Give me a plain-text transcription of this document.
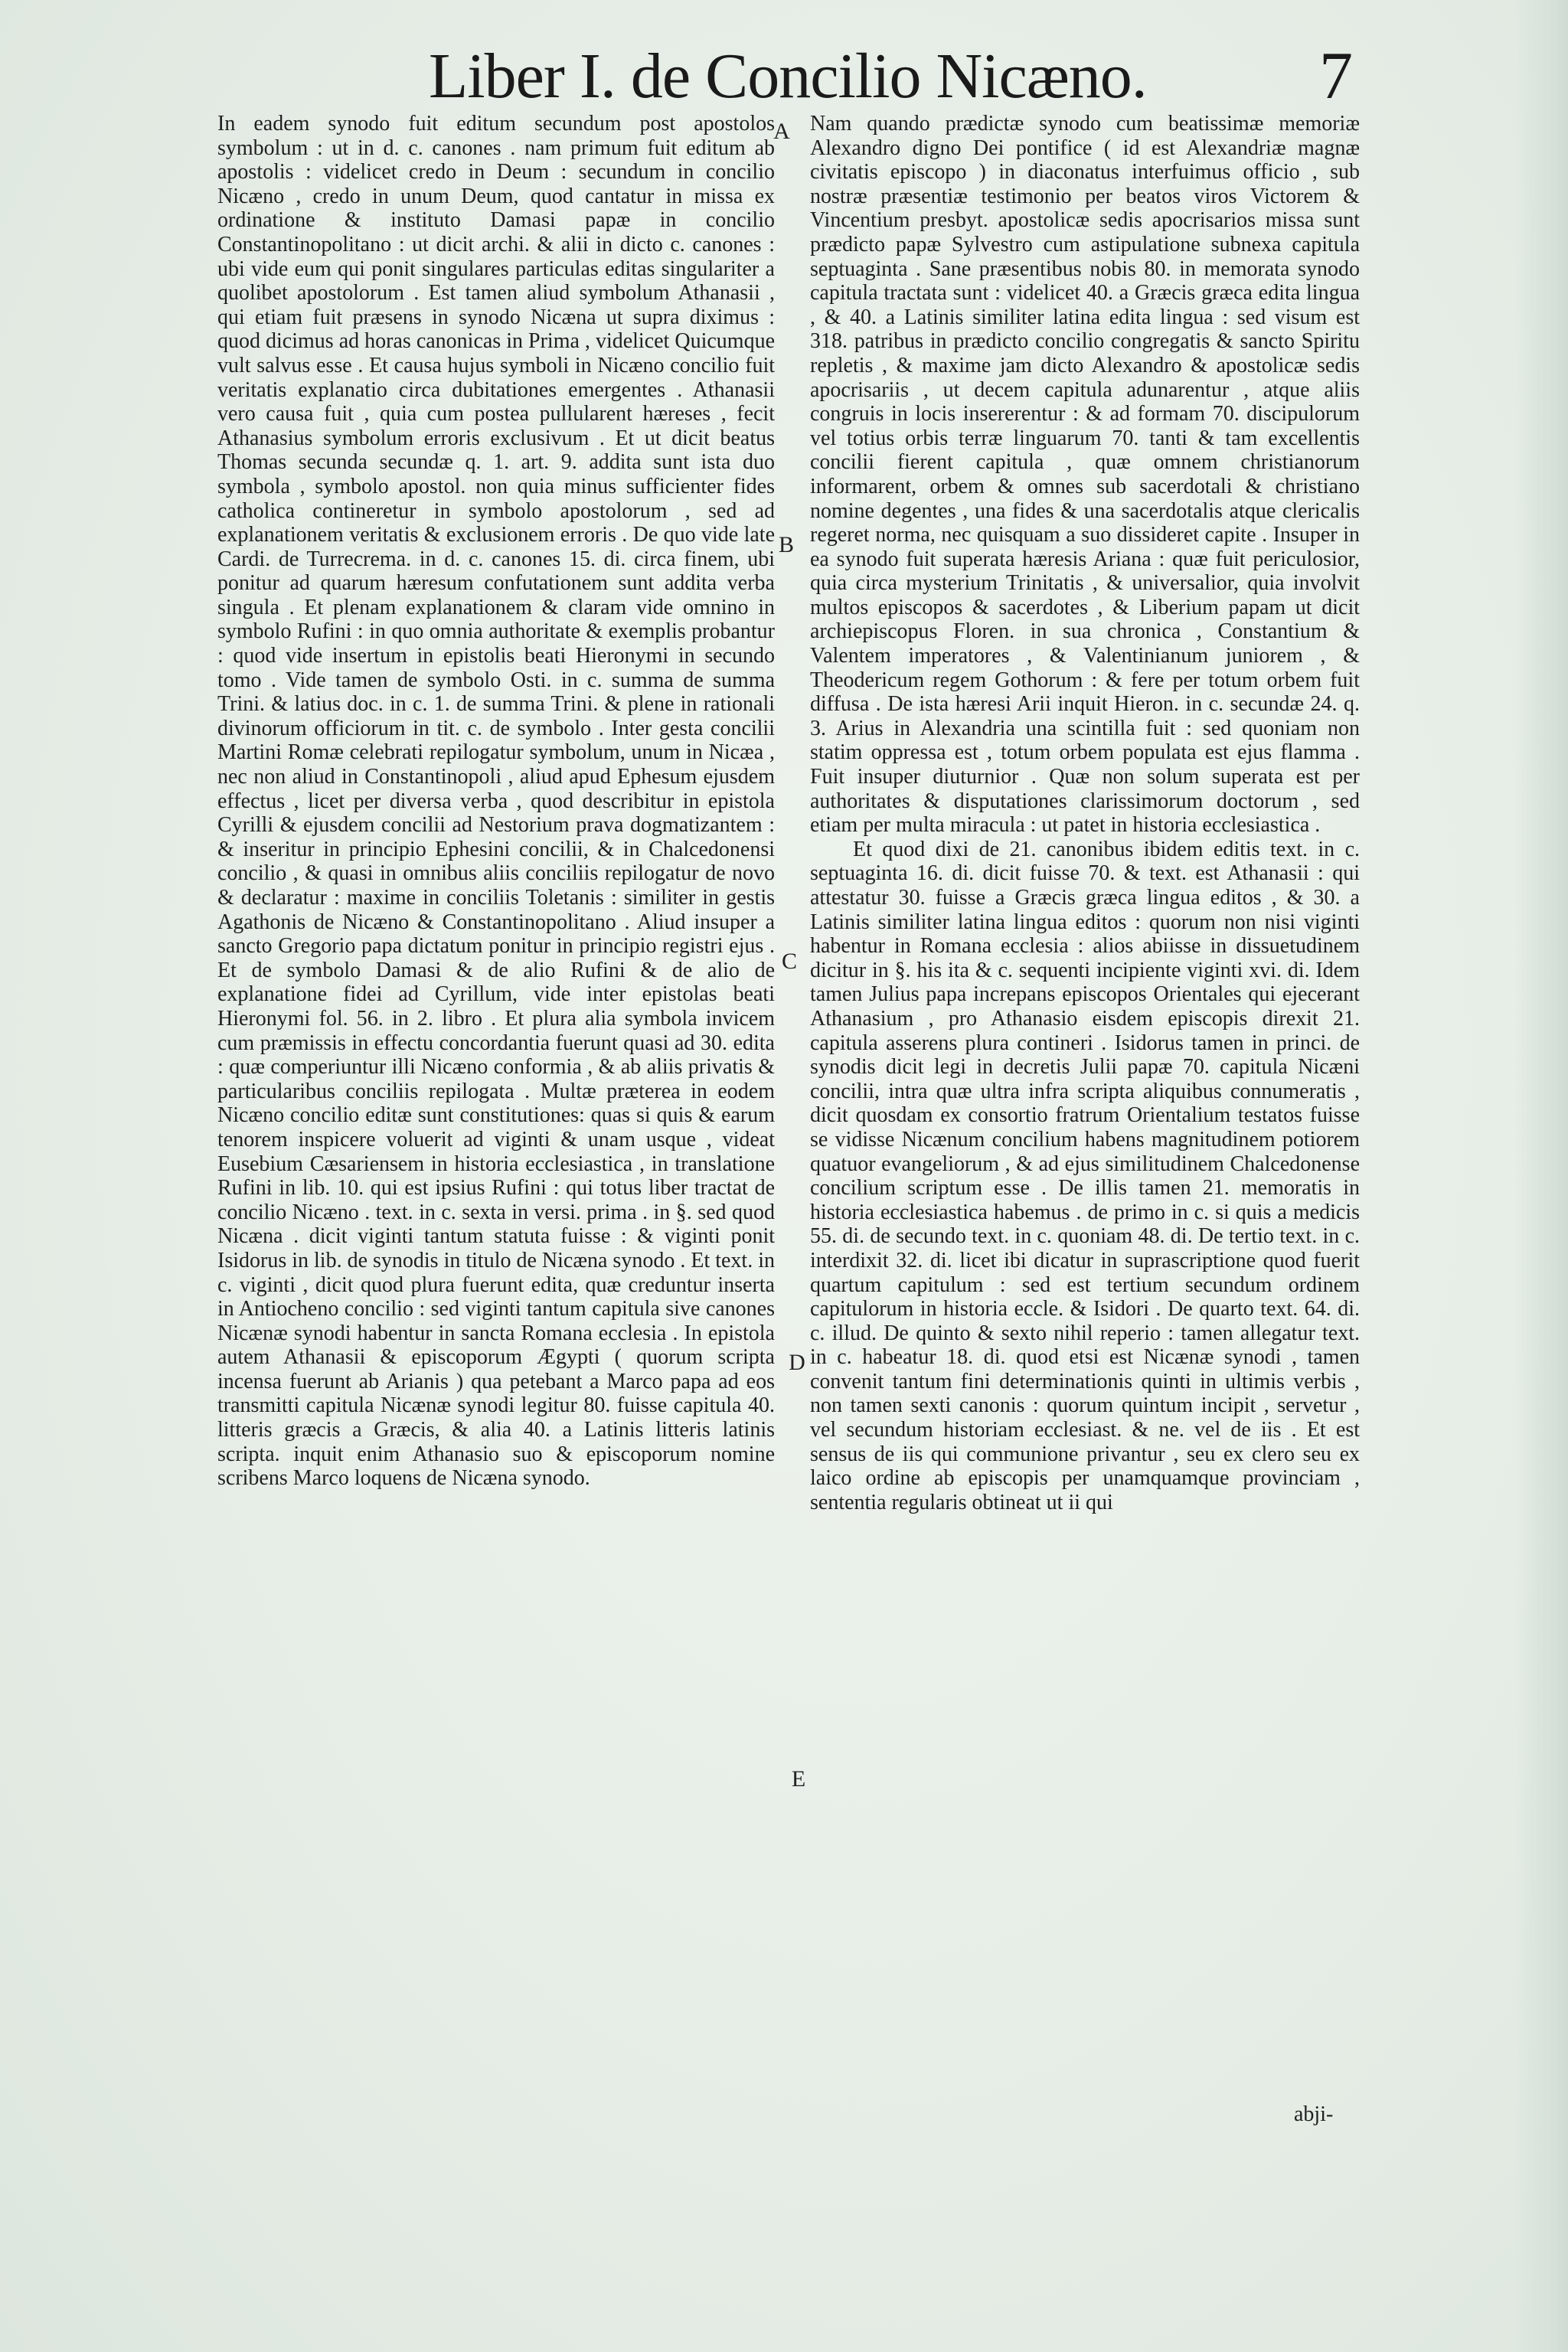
Liber I. de Concilio Nicæno.	7

In eadem synodo fuit editum secundum post apostolos symbolum : ut in d. c. canones . nam primum fuit editum ab apostolis : videlicet credo in Deum : secundum in concilio Nicæno , credo in unum Deum, quod cantatur in missa ex ordinatione & instituto Damasi papæ in concilio Constantinopolitano : ut dicit archi. & alii in dicto c. canones : ubi vide eum qui ponit singulares particulas editas singulariter a quolibet apostolorum . Est tamen aliud symbolum Athanasii , qui etiam fuit præsens in synodo Nicæna ut supra diximus : quod dicimus ad horas canonicas in Prima , videlicet Quicumque vult salvus esse . Et causa hujus symboli in Nicæno concilio fuit veritatis explanatio circa dubitationes emergentes . Athanasii vero causa fuit , quia cum postea pullularent hæreses , fecit Athanasius symbolum erroris exclusivum . Et ut dicit beatus Thomas secunda secundæ q. 1. art. 9. addita sunt ista duo symbola , symbolo apostol. non quia minus sufficienter fides catholica contineretur in symbolo apostolorum , sed ad explanationem veritatis & exclusionem erroris . De quo vide late Cardi. de Turrecrema. in d. c. canones 15. di. circa finem, ubi ponitur ad quarum hæresum confutationem sunt addita verba singula . Et plenam explanationem & claram vide omnino in symbolo Rufini : in quo omnia authoritate & exemplis probantur : quod vide insertum in epistolis beati Hieronymi in secundo tomo . Vide tamen de symbolo Osti. in c. summa de summa Trini. & latius doc. in c. 1. de summa Trini. & plene in rationali divinorum officiorum in tit. c. de symbolo . Inter gesta concilii Martini Romæ celebrati repilogatur symbolum, unum in Nicæa , nec non aliud in Constantinopoli , aliud apud Ephesum ejusdem effectus , licet per diversa verba , quod describitur in epistola Cyrilli & ejusdem concilii ad Nestorium prava dogmatizantem : & inseritur in principio Ephesini concilii, & in Chalcedonensi concilio , & quasi in omnibus aliis conciliis repilogatur de novo & declaratur : maxime in conciliis Toletanis : similiter in gestis Agathonis de Nicæno & Constantinopolitano . Aliud insuper a sancto Gregorio papa dictatum ponitur in principio registri ejus . Et de symbolo Damasi & de alio Rufini & de alio de explanatione fidei ad Cyrillum, vide inter epistolas beati Hieronymi fol. 56. in 2. libro . Et plura alia symbola invicem cum præmissis in effectu concordantia fuerunt quasi ad 30. edita : quæ comperiuntur illi Nicæno conformia , & ab aliis privatis & particularibus conciliis repilogata . Multæ præterea in eodem Nicæno concilio editæ sunt constitutiones: quas si quis & earum tenorem inspicere voluerit ad viginti & unam usque , videat Eusebium Cæsariensem in historia ecclesiastica , in translatione Rufini in lib. 10. qui est ipsius Rufini : qui totus liber tractat de concilio Nicæno . text. in c. sexta in versi. prima . in §. sed quod Nicæna . dicit viginti tantum statuta fuisse : & viginti ponit Isidorus in lib. de synodis in titulo de Nicæna synodo . Et text. in c. viginti , dicit quod plura fuerunt edita, quæ creduntur inserta in Antiocheno concilio : sed viginti tantum capitula sive canones Nicænæ synodi habentur in sancta Romana ecclesia . In epistola autem Athanasii & episcoporum Ægypti ( quorum scripta incensa fuerunt ab Arianis ) qua petebant a Marco papa ad eos transmitti capitula Nicænæ synodi legitur 80. fuisse capitula 40. litteris græcis a Græcis, & alia 40. a Latinis litteris latinis scripta. inquit enim Athanasio suo & episcoporum nomine scribens Marco loquens de Nicæna synodo.

A
B
C
D
E

Nam quando prædictæ synodo cum beatissimæ memoriæ Alexandro digno Dei pontifice ( id est Alexandriæ magnæ civitatis episcopo ) in diaconatus interfuimus officio , sub nostræ præsentiæ testimonio per beatos viros Victorem & Vincentium presbyt. apostolicæ sedis apocrisarios missa sunt prædicto papæ Sylvestro cum astipulatione subnexa capitula septuaginta . Sane præsentibus nobis 80. in memorata synodo capitula tractata sunt : videlicet 40. a Græcis græca edita lingua , & 40. a Latinis similiter latina edita lingua : sed visum est 318. patribus in prædicto concilio congregatis & sancto Spiritu repletis , & maxime jam dicto Alexandro & apostolicæ sedis apocrisariis , ut decem capitula adunarentur , atque aliis congruis in locis insererentur : & ad formam 70. discipulorum vel totius orbis terræ linguarum 70. tanti & tam excellentis concilii fierent capitula , quæ omnem christianorum informarent, orbem & omnes sub sacerdotali & christiano nomine degentes , una fides & una sacerdotalis atque clericalis regeret norma, nec quisquam a suo dissideret capite . Insuper in ea synodo fuit superata hæresis Ariana : quæ fuit periculosior, quia circa mysterium Trinitatis , & universalior, quia involvit multos episcopos & sacerdotes , & Liberium papam ut dicit archiepiscopus Floren. in sua chronica , Constantium & Valentem imperatores , & Valentinianum juniorem , & Theodericum regem Gothorum : & fere per totum orbem fuit diffusa . De ista hæresi Arii inquit Hieron. in c. secundæ 24. q. 3. Arius in Alexandria una scintilla fuit : sed quoniam non statim oppressa est , totum orbem populata est ejus flamma . Fuit insuper diuturnior . Quæ non solum superata est per authoritates & disputationes clarissimorum doctorum , sed etiam per multa miracula : ut patet in historia ecclesiastica .

Et quod dixi de 21. canonibus ibidem editis text. in c. septuaginta 16. di. dicit fuisse 70. & text. est Athanasii : qui attestatur 30. fuisse a Græcis græca lingua editos , & 30. a Latinis similiter latina lingua editos : quorum non nisi viginti habentur in Romana ecclesia : alios abiisse in dissuetudinem dicitur in §. his ita & c. sequenti incipiente viginti xvi. di. Idem tamen Julius papa increpans episcopos Orientales qui ejecerant Athanasium , pro Athanasio eisdem episcopis direxit 21. capitula asserens plura contineri . Isidorus tamen in princi. de synodis dicit legi in decretis Julii papæ 70. capitula Nicæni concilii, intra quæ ultra infra scripta aliquibus connumeratis , dicit quosdam ex consortio fratrum Orientalium testatos fuisse se vidisse Nicænum concilium habens magnitudinem potiorem quatuor evangeliorum , & ad ejus similitudinem Chalcedonense concilium scriptum esse . De illis tamen 21. memoratis in historia ecclesiastica habemus . de primo in c. si quis a medicis 55. di. de secundo text. in c. quoniam 48. di. De tertio text. in c. interdixit 32. di. licet ibi dicatur in suprascriptione quod fuerit quartum capitulum : sed est tertium secundum ordinem capitulorum in historia eccle. & Isidori . De quarto text. 64. di. c. illud. De quinto & sexto nihil reperio : tamen allegatur text. in c. habeatur 18. di. quod etsi est Nicænæ synodi , tamen convenit tantum fini determinationis quinti in ultimis verbis , non tamen sexti canonis : quorum quintum incipit , servetur , vel secundum historiam ecclesiast. & ne. vel de iis . Et est sensus de iis qui communione privantur , seu ex clero seu ex laico ordine ab episcopis per unamquamque provinciam , sententia regularis obtineat ut ii qui

abji-
